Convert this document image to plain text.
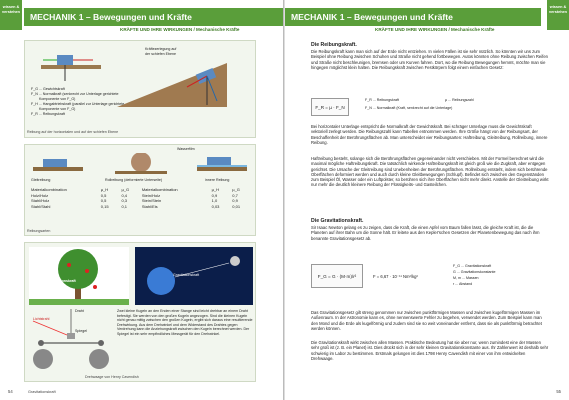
wissen & verstehen	MECHANIK 1 – Bewegungen und Kräfte
KRÄFTE UND IHRE WIRKUNGEN / Mechanische Kräfte
Kräftezerlegung auf
der schiefen Ebene
F_G ... Gewichtskraft
F_N ... Normalkraft (senkrecht zur Unterlage gerichtete
Komponente von F_G)
F_H ... Hangabtriebskraft (parallel zur Unterlage gerichtete
Komponente von F_G)
F_R ... Reibungskraft
Reibung auf der horizontalen und auf der schiefen Ebene
Wasserfilm
Gleitreibung	Rollreibung (deformierte Unterseite)	innere Reibung
Materialkombination	µ_H	µ_G	Materialkombination	µ_H	µ_G
Holz/Holz	0,5	0,4	Stein/Holz	0,9	0,7
Stahl/Holz	0,5	0,3	Stein/Stein	1,0	0,9
Stahl/Stahl	0,15	0,1	Stahl/Eis	0,03	0,01
Reibungsarten
Gravitationskraft
Gravitationskraft
Draht
Lichtstrahl
Spiegel
Zwei kleine Kugeln an den Enden einer Stange sind leicht drehbar an einem Draht befestigt. Sie werden von den großen Kugeln angezogen. Sind die kleinen Kugeln nicht genau mittig zwischen den großen Kugeln, ergibt sich daraus eine resultierende Drehwirkung. Aus dem Drehwinkel und dem Widerstand des Drahtes gegen Verdrehung kann die Anziehungskraft zwischen den Kugeln berechnet werden. Der Spiegel ist ein sehr empfindliches Messgerät für den Drehwinkel.
Drehwaage von Henry Cavendish
54	Gravitationskraft
MECHANIK 1 – Bewegungen und Kräfte
wissen & verstehen
KRÄFTE UND IHRE WIRKUNGEN / Mechanische Kräfte
Die Reibungskraft.
Die Reibungskraft kann man sich auf der Erde nicht entziehen. In vielen Fällen ist sie sehr nützlich. So könnten wir uns zum Beispiel ohne Reibung zwischen Schuhen und Straße nicht gehend fortbewegen. Autos könnten ohne Reibung zwischen Reifen und Straße nicht beschleunigen, bremsen oder um Kurven fahren. Dort, wo die Reibung Bewegungen hemmt, möchte man sie hingegen möglichst klein halten. Die Reibungskraft zwischen Festkörpern folgt einem einfachen Gesetz:
F_R = µ · F_N
F_R ... Reibungskraft	µ ... Reibungszahl
F_N ... Normalkraft (Kraft, senkrecht auf die Unterlage)
Bei horizontaler Unterlage entspricht die Normalkraft der Gewichtskraft. Bei schräger Unterlage muss die Gewichtskraft vektoriell zerlegt werden. Die Reibungszahl kann Tabellen entnommen werden. Ihre Größe hängt von der Reibungsart, der Beschaffenheit der Berührungsflächen ab. Man unterscheidet vier Reibungsarten: Haftreibung, Gleitreibung, Rollreibung, innere Reibung.
Haftreibung besteht, solange sich die Berührungsflächen gegeneinander nicht verschieben. Mit der Formel berechnet wird die maximal mögliche Haftreibungskraft. Die tatsächlich wirkende Haftreibungskraft ist gleich groß wie die Zugkraft, aber entgegen gerichtet. Die Ursache der Gleitreibung sind Unebenheiten der Berührungsflächen. Rollreibung entsteht, indem sich berührende Oberflächen deformiert werden und auch durch kleine Gleitbewegungen (Schlupf). Befindet sich zwischen den Gegenständen zum Beispiel Öl, Wasser oder ein Luftpolster, so berühren sich ihre Oberflächen nicht mehr direkt. Anstelle der Gleitreibung wirkt nur mehr die deutlich kleinere Reibung der Flüssigkeits- und Gasteilchen.
Die Gravitationskraft.
Sir Isaac Newton gelang es zu zeigen, dass die Kraft, die einen Apfel vom Baum fallen lässt, die gleiche Kraft ist, die die Planeten auf ihrer Bahn um die Sonne hält. Er leitete aus den Kepler'schen Gesetzen der Planetenbewegung das nach ihm benannte Gravitationsgesetz ab.
F_G = G · (M·m)/r²	F = 6,67 · 10⁻¹¹ Nm²/kg²
F_G ... Gravitationskraft
G ... Gravitationskonstante
M, m ... Massen
r ... Abstand
Das Gravitationsgesetz gilt streng genommen nur zwischen punktförmigen Massen und zwischen kugelförmigen Massen im Außenraum. In der Astronomie kann es, ohne nennenswerte Fehler zu begehen, verwendet werden. Zum Beispiel kann man den Mond und die Erde als kugelförmig und zudem sind sie so weit voneinander entfernt, dass sie als punktförmig betrachtet werden können.
Die Gravitationskraft wirkt zwischen allen Massen. Praktische Bedeutung hat sie aber nur, wenn zumindest eine der Massen sehr groß ist (z. B. ein Planet) ist. Dies drückt sich in der sehr kleinen Gravitationskonstante aus. Ihr Zahlenwert ist deshalb sehr schwierig im Labor zu bestimmen. Erstmals gelungen ist dies 1798 Henry Cavendish mit einer von ihm entwickelten Drehwaage.
55
